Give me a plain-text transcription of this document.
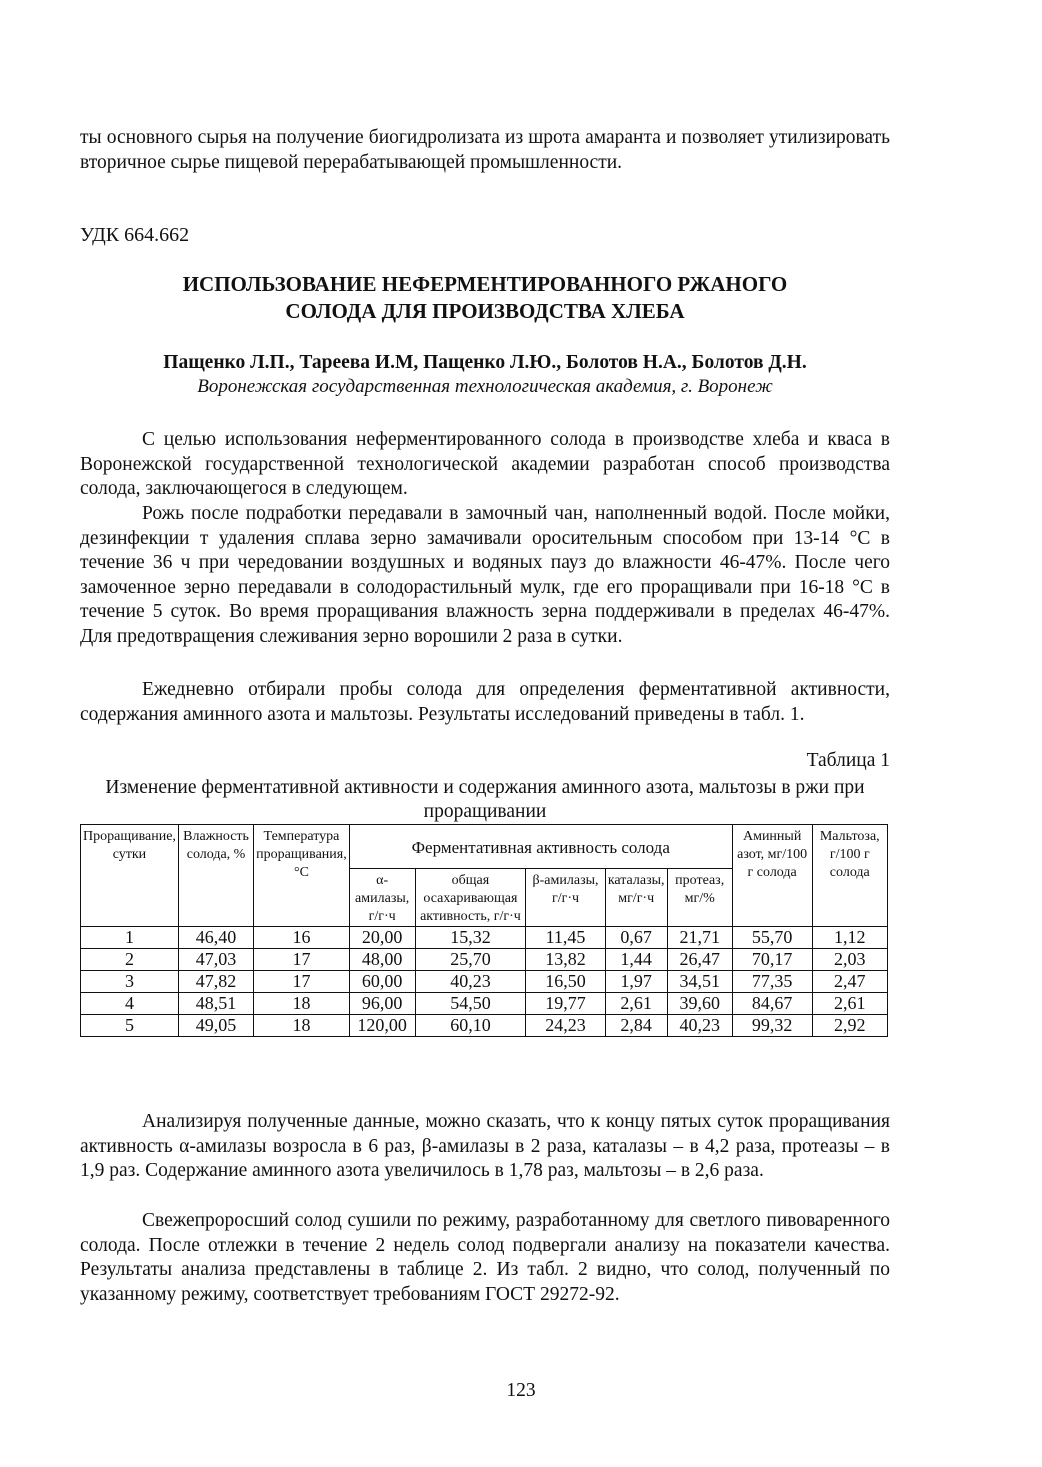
ты основного сырья на получение биогидролизата из шрота амаранта и позволяет утилизировать вторичное сырье пищевой перерабатывающей промышленности.

УДК 664.662
ИСПОЛЬЗОВАНИЕ НЕФЕРМЕНТИРОВАННОГО РЖАНОГО
СОЛОДА ДЛЯ ПРОИЗВОДСТВА ХЛЕБА
Пащенко Л.П., Тареева И.М, Пащенко Л.Ю., Болотов Н.А., Болотов Д.Н.
Воронежская государственная технологическая академия, г. Воронеж

С целью использования неферментированного солода в производстве хлеба и кваса в Воронежской государственной технологической академии разработан способ производства солода, заключающегося в следующем.

Рожь после подработки передавали в замочный чан, наполненный водой. После мойки, дезинфекции т удаления сплава зерно замачивали оросительным способом при 13-14 °С в течение 36 ч при чередовании воздушных и водяных пауз до влажности 46-47%. После чего замоченное зерно передавали в солодорастильный мулк, где его проращивали при 16-18 °С в течение 5 суток. Во время проращивания влажность зерна поддерживали в пределах 46-47%. Для предотвращения слеживания зерно ворошили 2 раза в сутки.

Ежедневно отбирали пробы солода для определения ферментативной активности, содержания аминного азота и мальтозы. Результаты исследований приведены в табл. 1.

Таблица 1
Изменение ферментативной активности и содержания аминного азота, мальтозы в ржи при проращивании
Проращивание, сутки	Влажность солода, %	Температура проращивания, °С	Ферментативная активность солода					Аминный азот, мг/100 г солода	Мальтоза, г/100 г солода
			α-амилазы, г/г·ч	общая осахаривающая активность, г/г·ч	β-амилазы, г/г·ч	каталазы, мг/г·ч	протеаз, мг/%		
1	46,40	16	20,00	15,32	11,45	0,67	21,71	55,70	1,12
2	47,03	17	48,00	25,70	13,82	1,44	26,47	70,17	2,03
3	47,82	17	60,00	40,23	16,50	1,97	34,51	77,35	2,47
4	48,51	18	96,00	54,50	19,77	2,61	39,60	84,67	2,61
5	49,05	18	120,00	60,10	24,23	2,84	40,23	99,32	2,92

Анализируя полученные данные, можно сказать, что к концу пятых суток проращивания активность α-амилазы возросла в 6 раз, β-амилазы в 2 раза, каталазы – в 4,2 раза, протеазы – в 1,9 раз. Содержание аминного азота увеличилось в 1,78 раз, мальтозы – в 2,6 раза.

Свежепроросший солод сушили по режиму, разработанному для светлого пивоваренного солода. После отлежки в течение 2 недель солод подвергали анализу на показатели качества. Результаты анализа представлены в таблице 2. Из табл. 2 видно, что солод, полученный по указанному режиму, соответствует требованиям ГОСТ 29272-92.

123
